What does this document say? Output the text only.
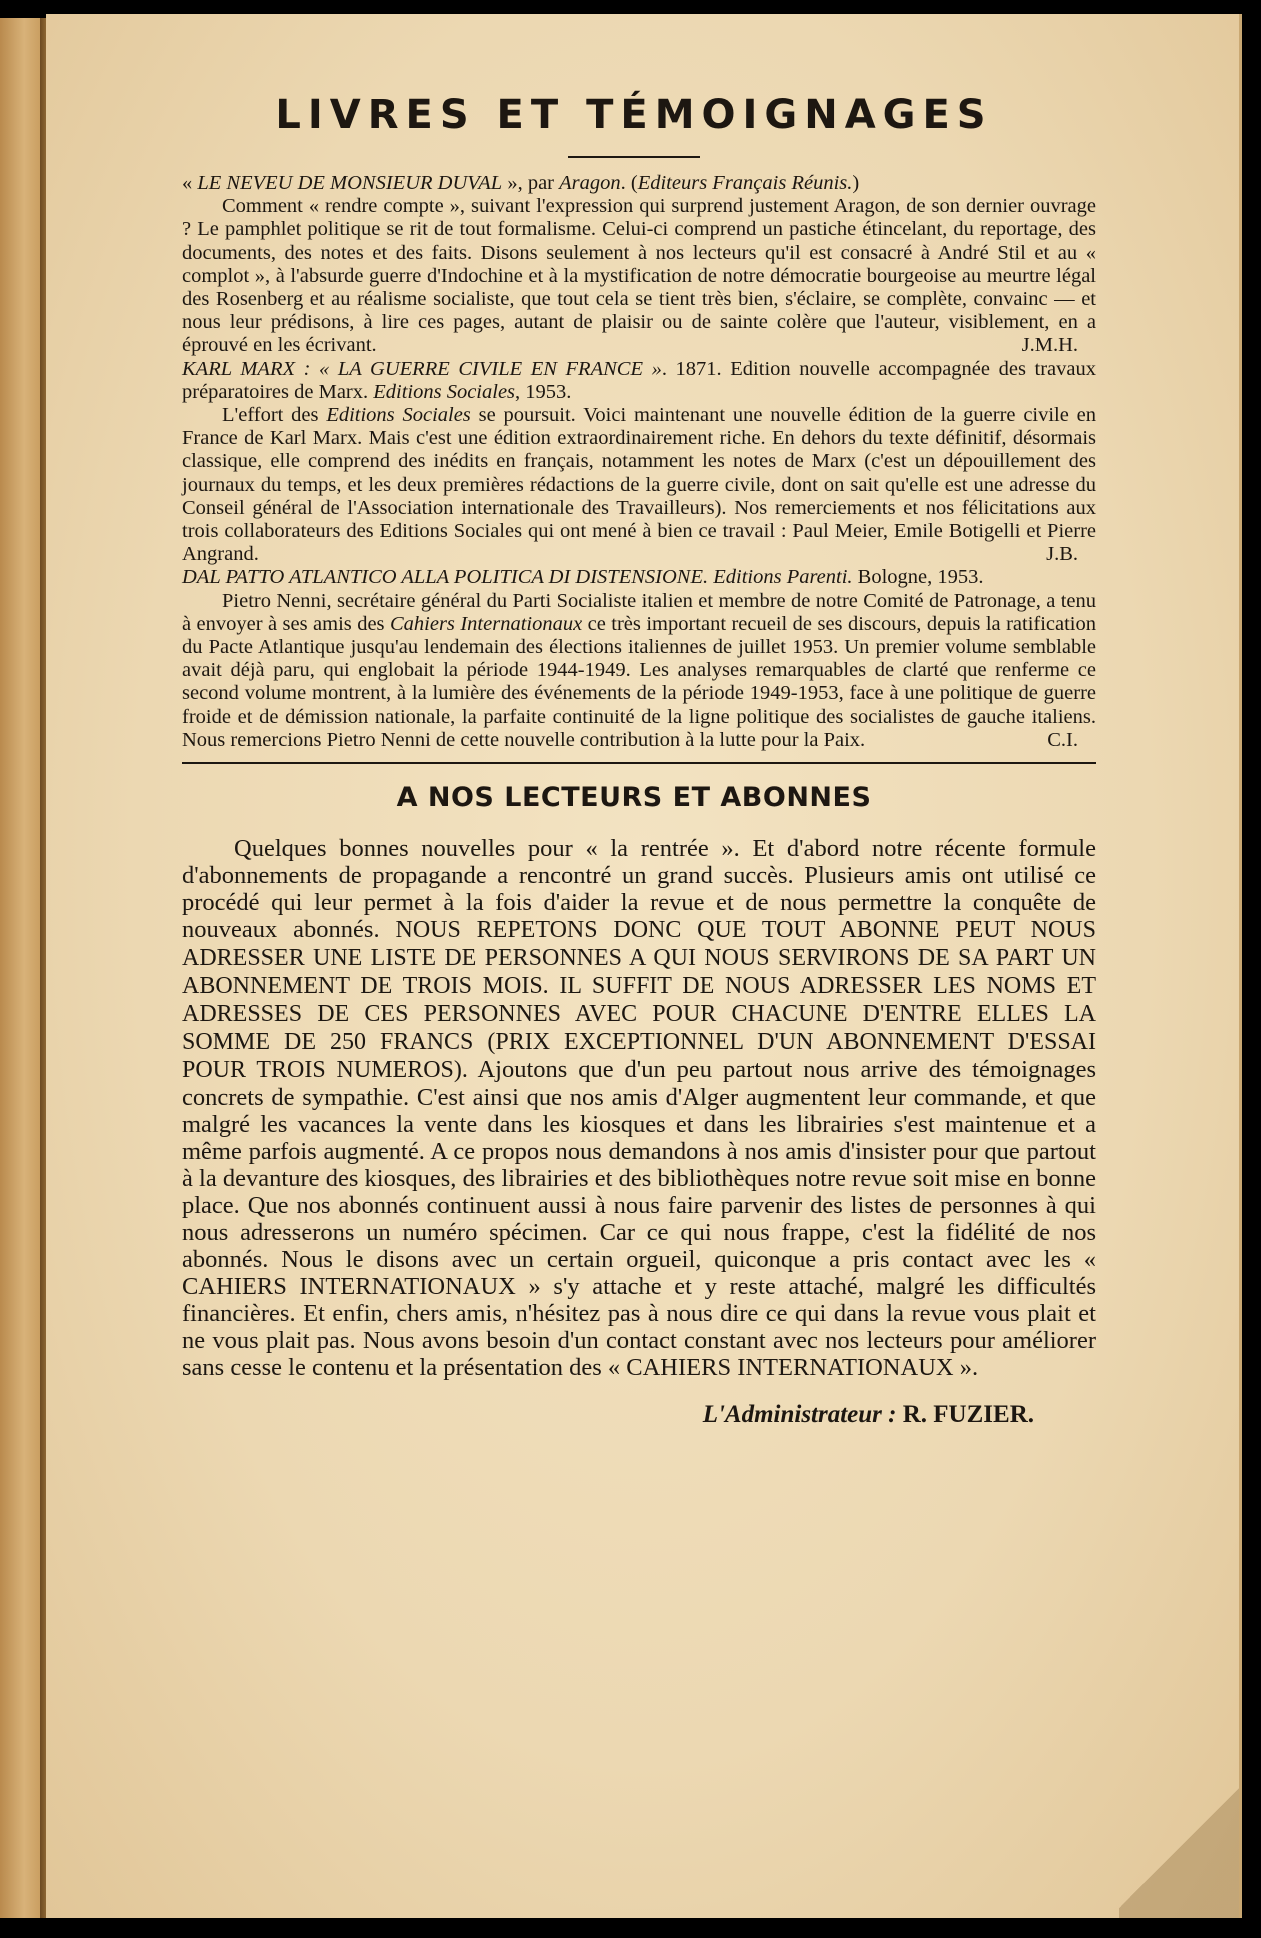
LIVRES ET TÉMOIGNAGES

« LE NEVEU DE MONSIEUR DUVAL », par Aragon. (Editeurs Français Réunis.)

Comment « rendre compte », suivant l'expression qui surprend justement Aragon, de son dernier ouvrage ? Le pamphlet politique se rit de tout formalisme. Celui-ci comprend un pastiche étincelant, du reportage, des documents, des notes et des faits. Disons seulement à nos lecteurs qu'il est consacré à André Stil et au « complot », à l'absurde guerre d'Indochine et à la mystification de notre démocratie bourgeoise au meurtre légal des Rosenberg et au réalisme socialiste, que tout cela se tient très bien, s'éclaire, se complète, convainc — et nous leur prédisons, à lire ces pages, autant de plaisir ou de sainte colère que l'auteur, visiblement, en a éprouvé en les écrivant.	J.M.H.

KARL MARX : « LA GUERRE CIVILE EN FRANCE ». 1871. Edition nouvelle accompagnée des travaux préparatoires de Marx. Editions Sociales, 1953.

L'effort des Editions Sociales se poursuit. Voici maintenant une nouvelle édition de la guerre civile en France de Karl Marx. Mais c'est une édition extraordinairement riche. En dehors du texte définitif, désormais classique, elle comprend des inédits en français, notamment les notes de Marx (c'est un dépouillement des journaux du temps, et les deux premières rédactions de la guerre civile, dont on sait qu'elle est une adresse du Conseil général de l'Association internationale des Travailleurs). Nos remerciements et nos félicitations aux trois collaborateurs des Editions Sociales qui ont mené à bien ce travail : Paul Meier, Emile Botigelli et Pierre Angrand.	J.B.

DAL PATTO ATLANTICO ALLA POLITICA DI DISTENSIONE. Editions Parenti. Bologne, 1953.

Pietro Nenni, secrétaire général du Parti Socialiste italien et membre de notre Comité de Patronage, a tenu à envoyer à ses amis des Cahiers Internationaux ce très important recueil de ses discours, depuis la ratification du Pacte Atlantique jusqu'au lendemain des élections italiennes de juillet 1953. Un premier volume semblable avait déjà paru, qui englobait la période 1944-1949. Les analyses remarquables de clarté que renferme ce second volume montrent, à la lumière des événements de la période 1949-1953, face à une politique de guerre froide et de démission nationale, la parfaite continuité de la ligne politique des socialistes de gauche italiens. Nous remercions Pietro Nenni de cette nouvelle contribution à la lutte pour la Paix.	C.I.

A NOS LECTEURS ET ABONNES

Quelques bonnes nouvelles pour « la rentrée ». Et d'abord notre récente formule d'abonnements de propagande a rencontré un grand succès. Plusieurs amis ont utilisé ce procédé qui leur permet à la fois d'aider la revue et de nous permettre la conquête de nouveaux abonnés. NOUS REPETONS DONC QUE TOUT ABONNE PEUT NOUS ADRESSER UNE LISTE DE PERSONNES A QUI NOUS SERVIRONS DE SA PART UN ABONNEMENT DE TROIS MOIS. IL SUFFIT DE NOUS ADRESSER LES NOMS ET ADRESSES DE CES PERSONNES AVEC POUR CHACUNE D'ENTRE ELLES LA SOMME DE 250 FRANCS (PRIX EXCEPTIONNEL D'UN ABONNEMENT D'ESSAI POUR TROIS NUMEROS). Ajoutons que d'un peu partout nous arrive des témoignages concrets de sympathie. C'est ainsi que nos amis d'Alger augmentent leur commande, et que malgré les vacances la vente dans les kiosques et dans les librairies s'est maintenue et a même parfois augmenté. A ce propos nous demandons à nos amis d'insister pour que partout à la devanture des kiosques, des librairies et des bibliothèques notre revue soit mise en bonne place. Que nos abonnés continuent aussi à nous faire parvenir des listes de personnes à qui nous adresserons un numéro spécimen. Car ce qui nous frappe, c'est la fidélité de nos abonnés. Nous le disons avec un certain orgueil, quiconque a pris contact avec les « CAHIERS INTERNATIONAUX » s'y attache et y reste attaché, malgré les difficultés financières. Et enfin, chers amis, n'hésitez pas à nous dire ce qui dans la revue vous plait et ne vous plait pas. Nous avons besoin d'un contact constant avec nos lecteurs pour améliorer sans cesse le contenu et la présentation des « CAHIERS INTERNATIONAUX ».

L'Administrateur : R. FUZIER.
